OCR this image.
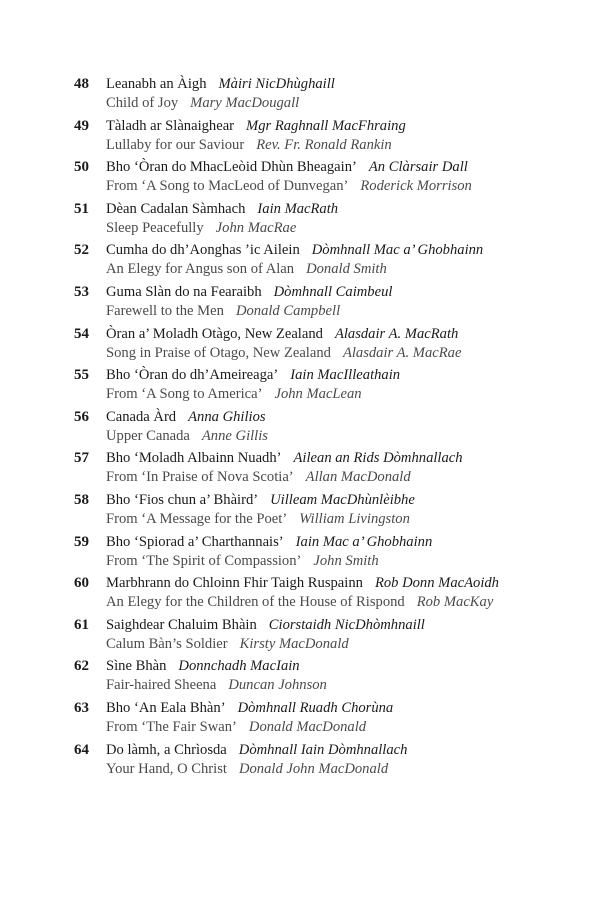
48 Leanabh an Àigh Màiri NicDhùghaill
Child of Joy Mary MacDougall
49 Tàladh ar Slànaighear Mgr Raghnall MacFhraing
Lullaby for our Saviour Rev. Fr. Ronald Rankin
50 Bho ‘Òran do MhacLeòid Dhùn Bheagain’ An Clàrsair Dall
From ‘A Song to MacLeod of Dunvegan’ Roderick Morrison
51 Dèan Cadalan Sàmhach Iain MacRath
Sleep Peacefully John MacRae
52 Cumha do dh’Aonghas ’ic Ailein Dòmhnall Mac a’ Ghobhainn
An Elegy for Angus son of Alan Donald Smith
53 Guma Slàn do na Fearaibh Dòmhnall Caimbeul
Farewell to the Men Donald Campbell
54 Òran a’ Moladh Otàgo, New Zealand Alasdair A. MacRath
Song in Praise of Otago, New Zealand Alasdair A. MacRae
55 Bho ‘Òran do dh’Ameireaga’ Iain MacIlleathain
From ‘A Song to America’ John MacLean
56 Canada Àrd Anna Ghilios
Upper Canada Anne Gillis
57 Bho ‘Moladh Albainn Nuadh’ Ailean an Rids Dòmhnallach
From ‘In Praise of Nova Scotia’ Allan MacDonald
58 Bho ‘Fios chun a’ Bhàird’ Uilleam MacDhùnlèibhe
From ‘A Message for the Poet’ William Livingston
59 Bho ‘Spiorad a’ Charthannais’ Iain Mac a’ Ghobhainn
From ‘The Spirit of Compassion’ John Smith
60 Marbhrann do Chloinn Fhir Taigh Ruspainn Rob Donn MacAoidh
An Elegy for the Children of the House of Rispond Rob MacKay
61 Saighdear Chaluim Bhàin Ciorstaidh NicDhòmhnaill
Calum Bàn’s Soldier Kirsty MacDonald
62 Sìne Bhàn Donnchadh MacIain
Fair-haired Sheena Duncan Johnson
63 Bho ‘An Eala Bhàn’ Dòmhnall Ruadh Chorùna
From ‘The Fair Swan’ Donald MacDonald
64 Do làmh, a Chrìosda Dòmhnall Iain Dòmhnallach
Your Hand, O Christ Donald John MacDonald
